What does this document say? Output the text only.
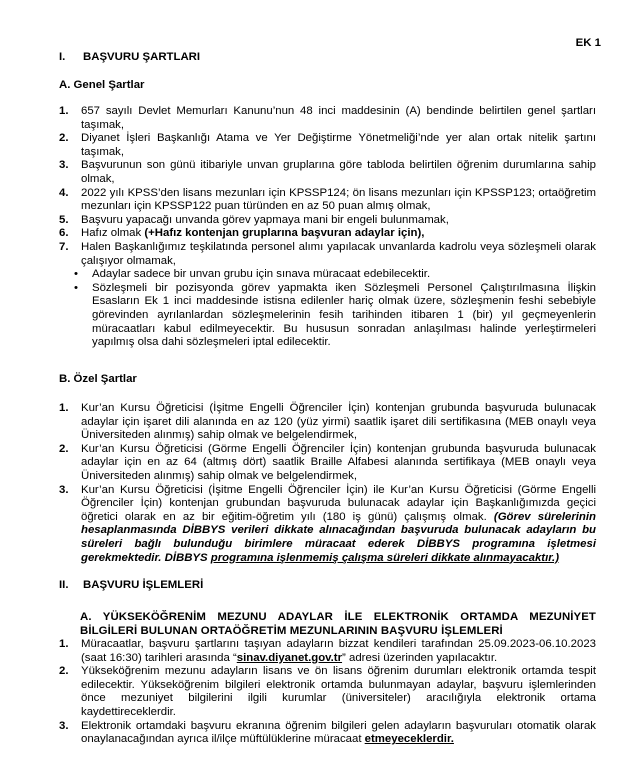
EK 1
I. BAŞVURU ŞARTLARI
A. Genel Şartlar
1. 657 sayılı Devlet Memurları Kanunu’nun 48 inci maddesinin (A) bendinde belirtilen genel şartları taşımak,
2. Diyanet İşleri Başkanlığı Atama ve Yer Değiştirme Yönetmeliği’nde yer alan ortak nitelik şartını taşımak,
3. Başvurunun son günü itibariyle unvan gruplarına göre tabloda belirtilen öğrenim durumlarına sahip olmak,
4. 2022 yılı KPSS’den lisans mezunları için KPSSP124; ön lisans mezunları için KPSSP123; ortaöğretim mezunları için KPSSP122 puan türünden en az 50 puan almış olmak,
5. Başvuru yapacağı unvanda görev yapmaya mani bir engeli bulunmamak,
6. Hafız olmak (+Hafız kontenjan gruplarına başvuran adaylar için),
7. Halen Başkanlığımız teşkilatında personel alımı yapılacak unvanlarda kadrolu veya sözleşmeli olarak çalışıyor olmamak,
• Adaylar sadece bir unvan grubu için sınava müracaat edebilecektir.
• Sözleşmeli bir pozisyonda görev yapmakta iken Sözleşmeli Personel Çalıştırılmasına İlişkin Esasların Ek 1 inci maddesinde istisna edilenler hariç olmak üzere, sözleşmenin feshi sebebiyle görevinden ayrılanlardan sözleşmelerinin fesih tarihinden itibaren 1 (bir) yıl geçmeyenlerin müracaatları kabul edilmeyecektir. Bu hususun sonradan anlaşılması halinde yerleştirmeleri yapılmış olsa dahi sözleşmeleri iptal edilecektir.
B. Özel Şartlar
1. Kur’an Kursu Öğreticisi (İşitme Engelli Öğrenciler İçin) kontenjan grubunda başvuruda bulunacak adaylar için işaret dili alanında en az 120 (yüz yirmi) saatlik işaret dili sertifikasına (MEB onaylı veya Üniversiteden alınmış) sahip olmak ve belgelendirmek,
2. Kur’an Kursu Öğreticisi (Görme Engelli Öğrenciler İçin) kontenjan grubunda başvuruda bulunacak adaylar için en az 64 (altmış dört) saatlik Braille Alfabesi alanında sertifikaya (MEB onaylı veya Üniversiteden alınmış) sahip olmak ve belgelendirmek,
3. Kur’an Kursu Öğreticisi (İşitme Engelli Öğrenciler İçin) ile Kur’an Kursu Öğreticisi (Görme Engelli Öğrenciler İçin) kontenjan grubundan başvuruda bulunacak adaylar için Başkanlığımızda geçici öğretici olarak en az bir eğitim-öğretim yılı (180 iş günü) çalışmış olmak. (Görev sürelerinin hesaplanmasında DİBBYS verileri dikkate alınacağından başvuruda bulunacak adayların bu süreleri bağlı bulunduğu birimlere müracaat ederek DİBBYS programına işletmesi gerekmektedir. DİBBYS programına işlenmemiş çalışma süreleri dikkate alınmayacaktır.)
II. BAŞVURU İŞLEMLERİ
A. YÜKSEKÖĞRENİM MEZUNU ADAYLAR İLE ELEKTRONİK ORTAMDA MEZUNİYET BİLGİLERİ BULUNAN ORTAÖĞRETİM MEZUNLARININ BAŞVURU İŞLEMLERİ
1. Müracaatlar, başvuru şartlarını taşıyan adayların bizzat kendileri tarafından 25.09.2023-06.10.2023 (saat 16:30) tarihleri arasında “sinav.diyanet.gov.tr” adresi üzerinden yapılacaktır.
2. Yükseköğrenim mezunu adayların lisans ve ön lisans öğrenim durumları elektronik ortamda tespit edilecektir. Yükseköğrenim bilgileri elektronik ortamda bulunmayan adaylar, başvuru işlemlerinden önce mezuniyet bilgilerini ilgili kurumlar (üniversiteler) aracılığıyla elektronik ortama kaydettireceklerdir.
3. Elektronik ortamdaki başvuru ekranına öğrenim bilgileri gelen adayların başvuruları otomatik olarak onaylanacağından ayrıca il/ilçe müftülüklerine müracaat etmeyeceklerdir.
